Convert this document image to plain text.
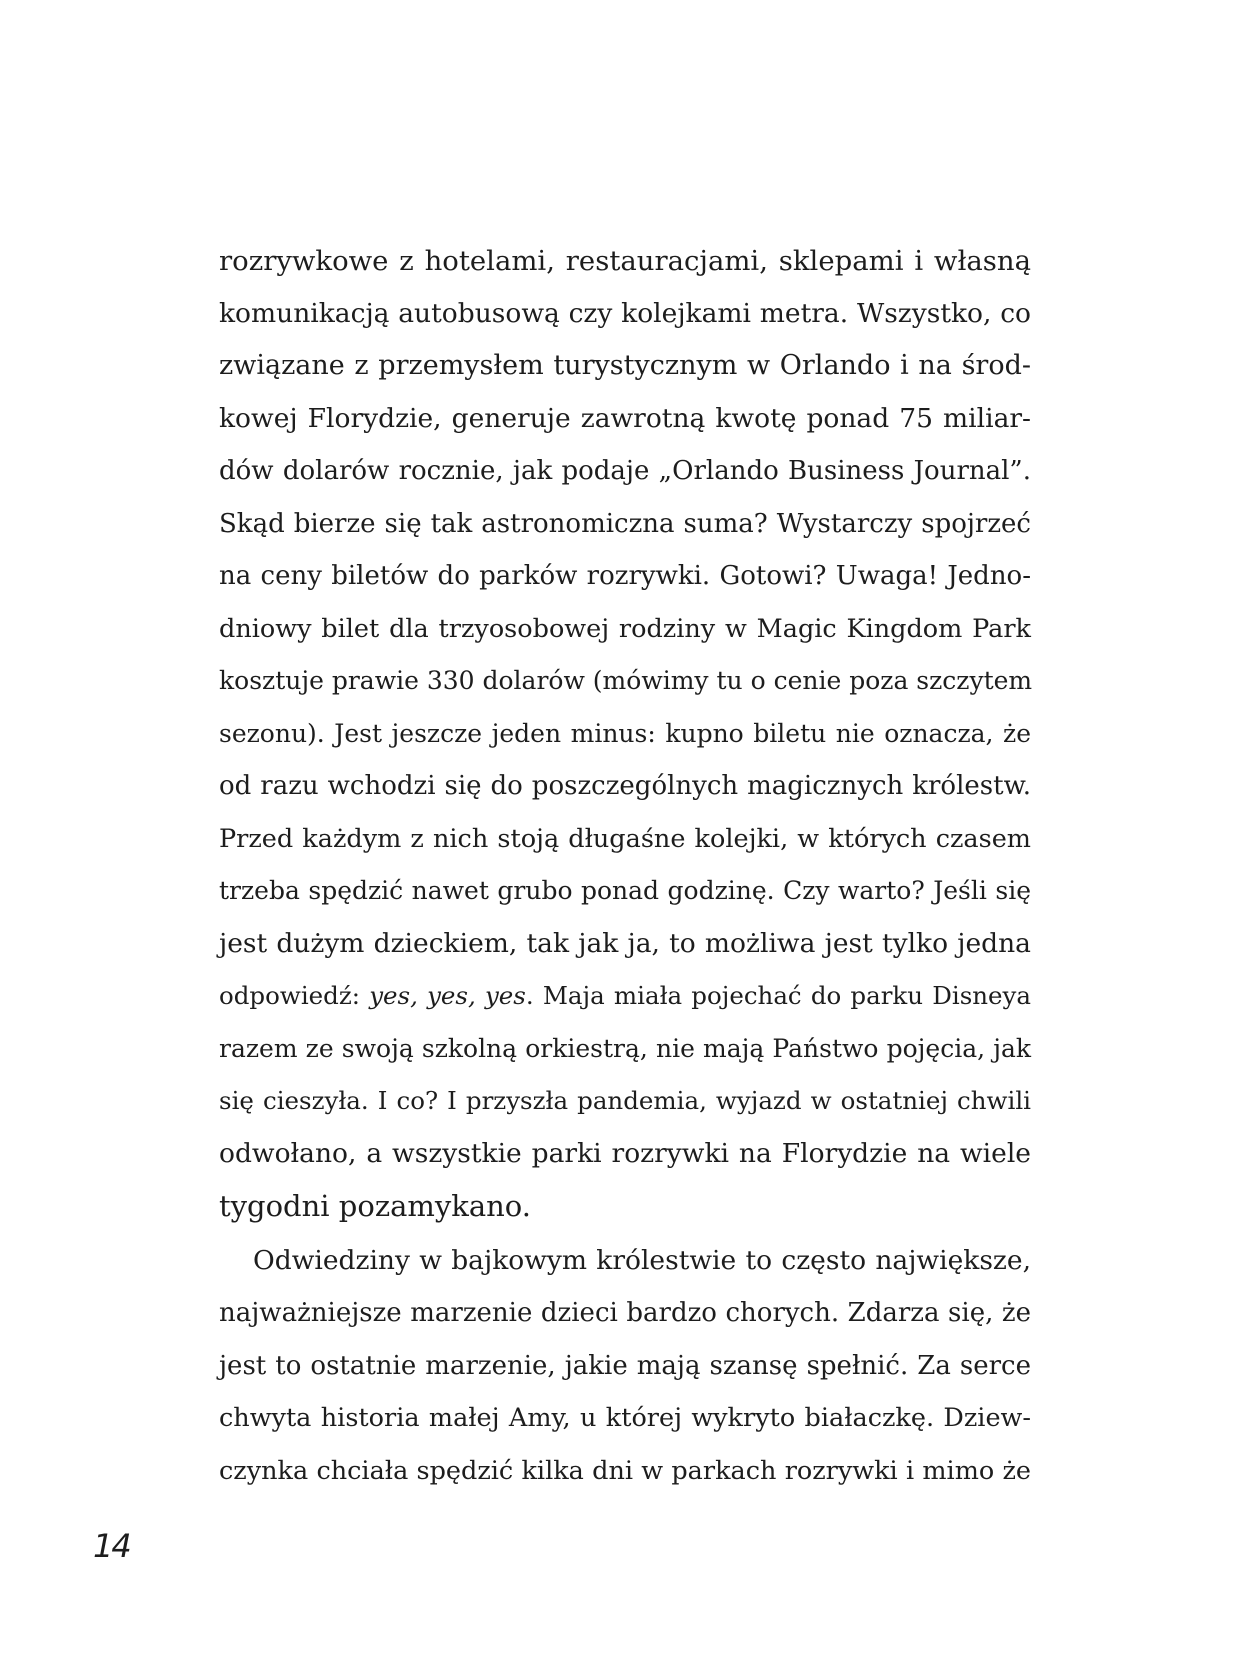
rozrywkowe z hotelami, restauracjami, sklepami i własną
komunikacją autobusową czy kolejkami metra. Wszystko, co
związane z przemysłem turystycznym w Orlando i na środ-
kowej Florydzie, generuje zawrotną kwotę ponad 75 miliar-
dów dolarów rocznie, jak podaje „Orlando Business Journal”.
Skąd bierze się tak astronomiczna suma? Wystarczy spojrzeć
na ceny biletów do parków rozrywki. Gotowi? Uwaga! Jedno-
dniowy bilet dla trzyosobowej rodziny w Magic Kingdom Park
kosztuje prawie 330 dolarów (mówimy tu o cenie poza szczytem
sezonu). Jest jeszcze jeden minus: kupno biletu nie oznacza, że
od razu wchodzi się do poszczególnych magicznych królestw.
Przed każdym z nich stoją długaśne kolejki, w których czasem
trzeba spędzić nawet grubo ponad godzinę. Czy warto? Jeśli się
jest dużym dzieckiem, tak jak ja, to możliwa jest tylko jedna
odpowiedź: yes, yes, yes. Maja miała pojechać do parku Disneya
razem ze swoją szkolną orkiestrą, nie mają Państwo pojęcia, jak
się cieszyła. I co? I przyszła pandemia, wyjazd w ostatniej chwili
odwołano, a wszystkie parki rozrywki na Florydzie na wiele
tygodni pozamykano.
Odwiedziny w bajkowym królestwie to często największe,
najważniejsze marzenie dzieci bardzo chorych. Zdarza się, że
jest to ostatnie marzenie, jakie mają szansę spełnić. Za serce
chwyta historia małej Amy, u której wykryto białaczkę. Dziew-
czynka chciała spędzić kilka dni w parkach rozrywki i mimo że
14
